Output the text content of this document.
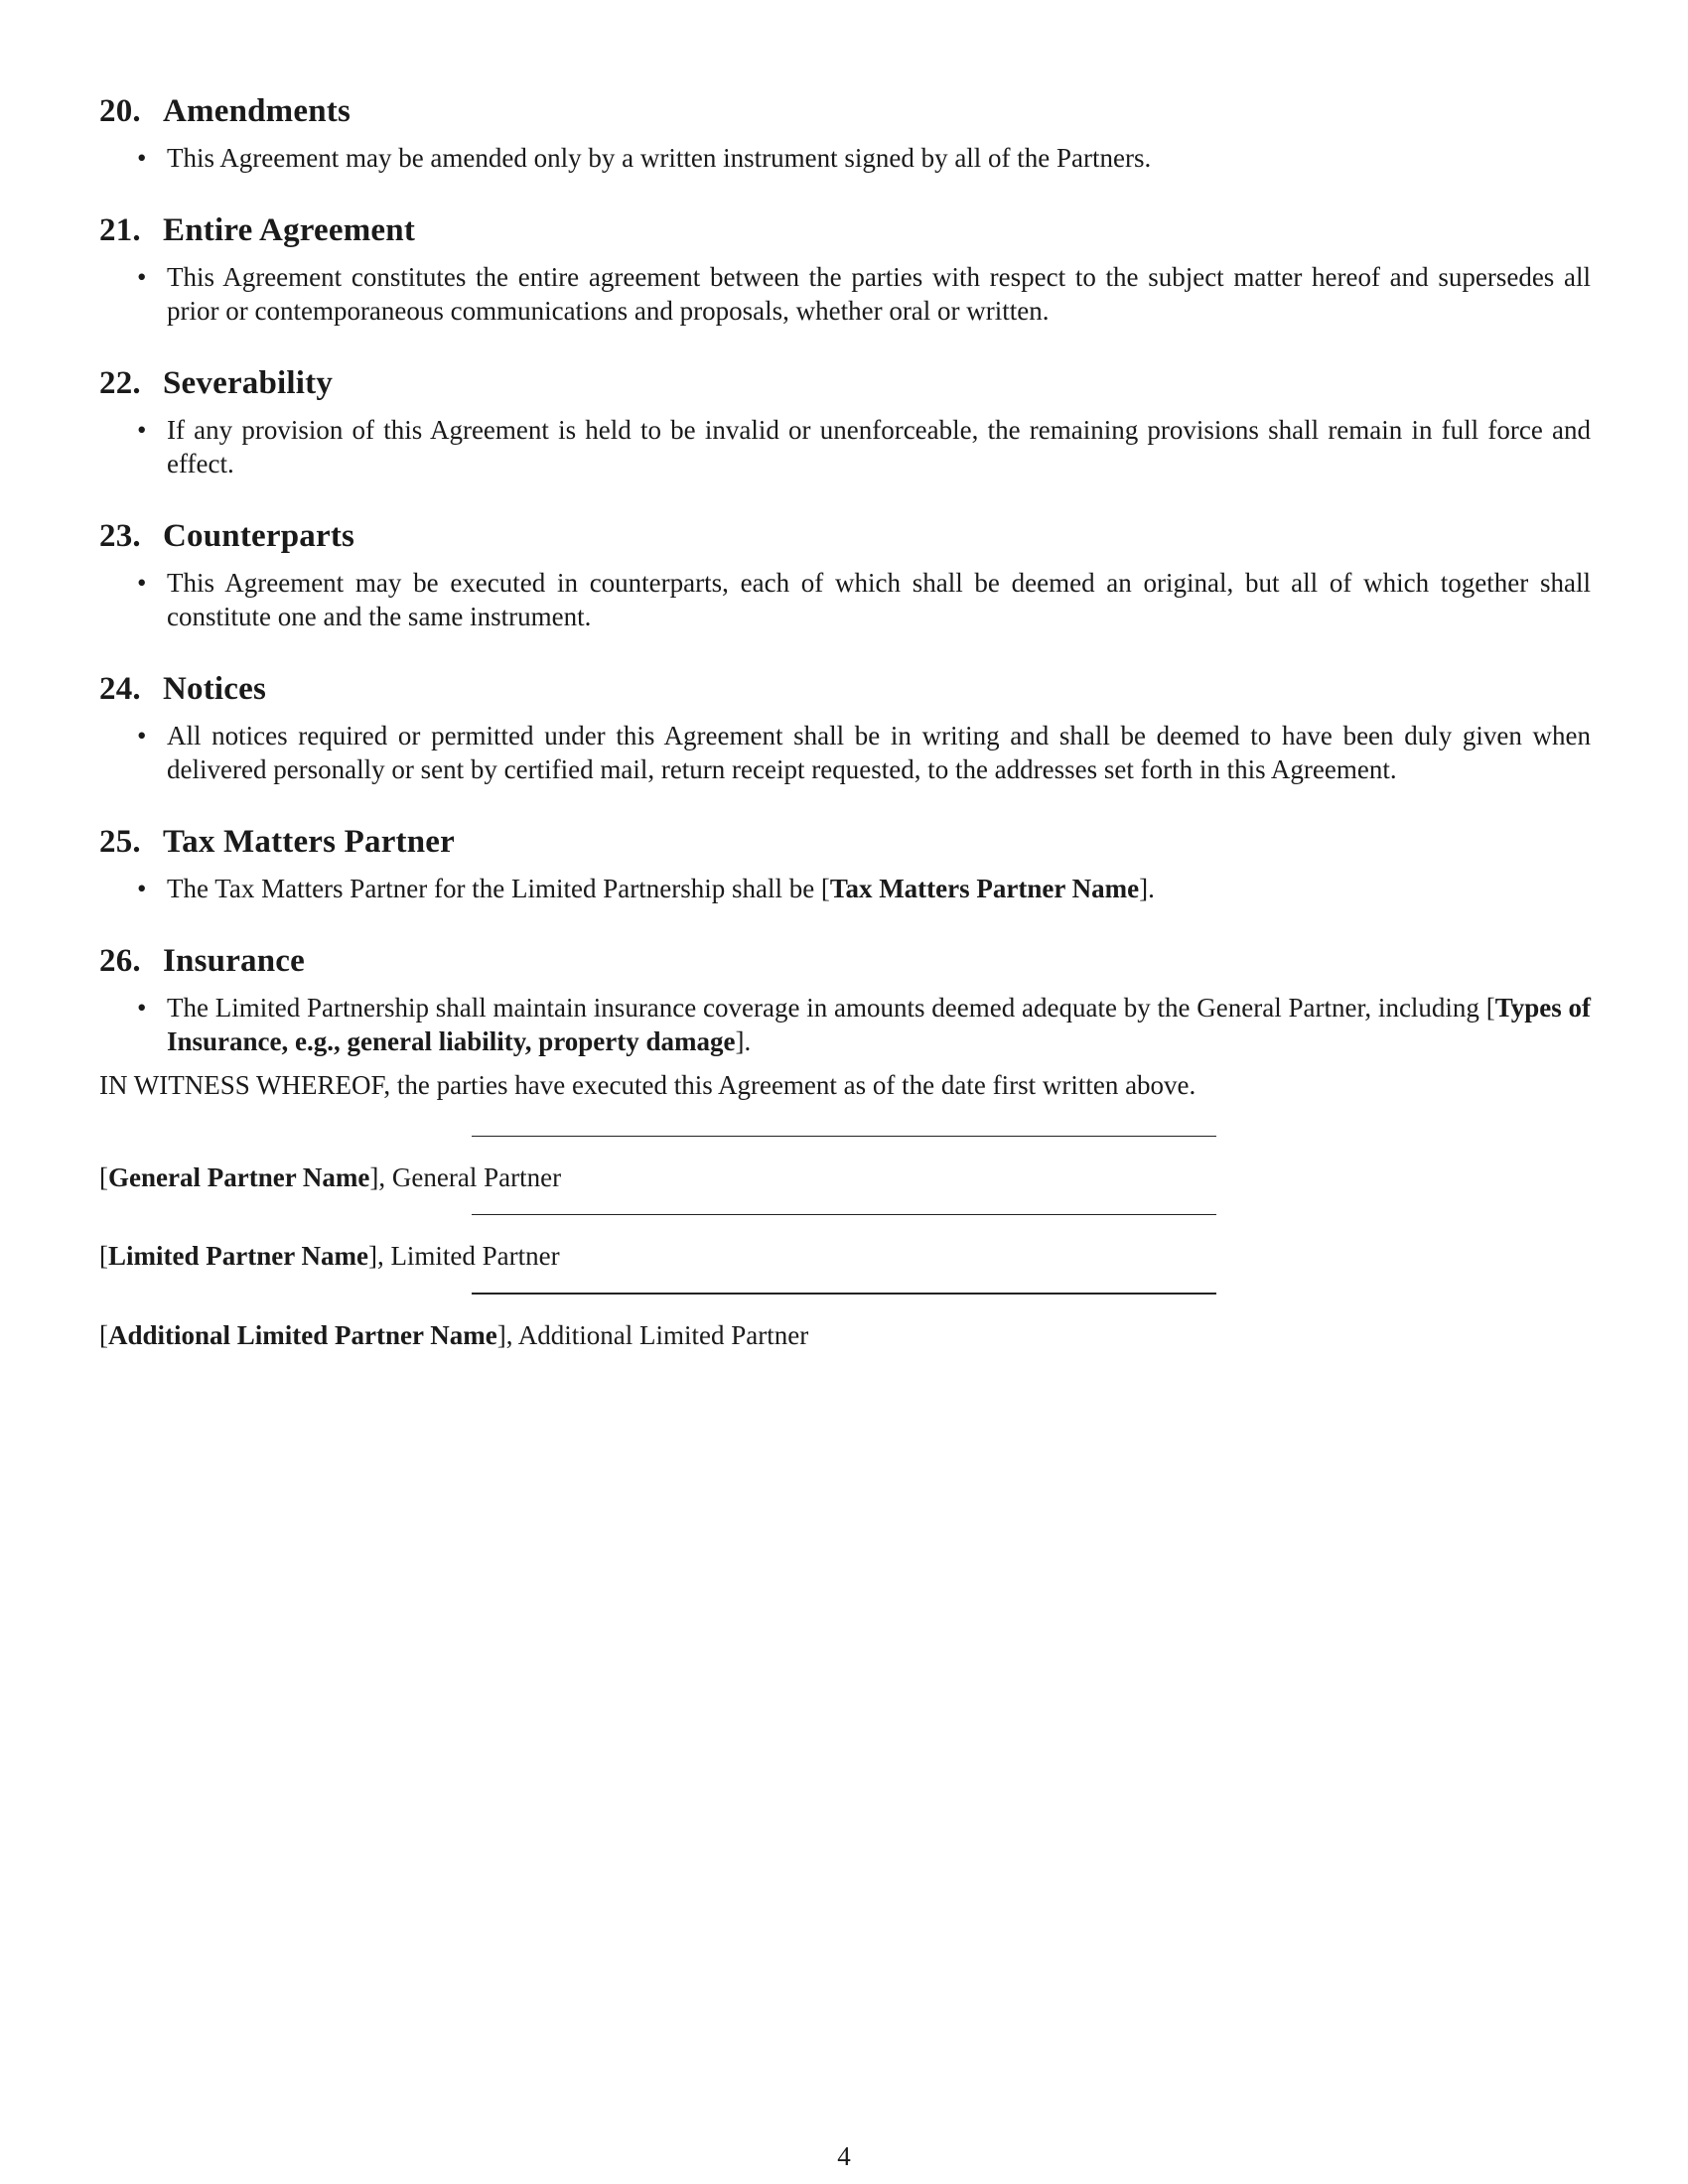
20. Amendments
• This Agreement may be amended only by a written instrument signed by all of the Partners.
21. Entire Agreement
• This Agreement constitutes the entire agreement between the parties with respect to the subject matter hereof and supersedes all prior or contemporaneous communications and proposals, whether oral or written.
22. Severability
• If any provision of this Agreement is held to be invalid or unenforceable, the remaining provisions shall remain in full force and effect.
23. Counterparts
• This Agreement may be executed in counterparts, each of which shall be deemed an original, but all of which together shall constitute one and the same instrument.
24. Notices
• All notices required or permitted under this Agreement shall be in writing and shall be deemed to have been duly given when delivered personally or sent by certified mail, return receipt requested, to the addresses set forth in this Agreement.
25. Tax Matters Partner
• The Tax Matters Partner for the Limited Partnership shall be [Tax Matters Partner Name].
26. Insurance
• The Limited Partnership shall maintain insurance coverage in amounts deemed adequate by the General Partner, including [Types of Insurance, e.g., general liability, property damage].
IN WITNESS WHEREOF, the parties have executed this Agreement as of the date first written above.
[General Partner Name], General Partner
[Limited Partner Name], Limited Partner
[Additional Limited Partner Name], Additional Limited Partner
4
